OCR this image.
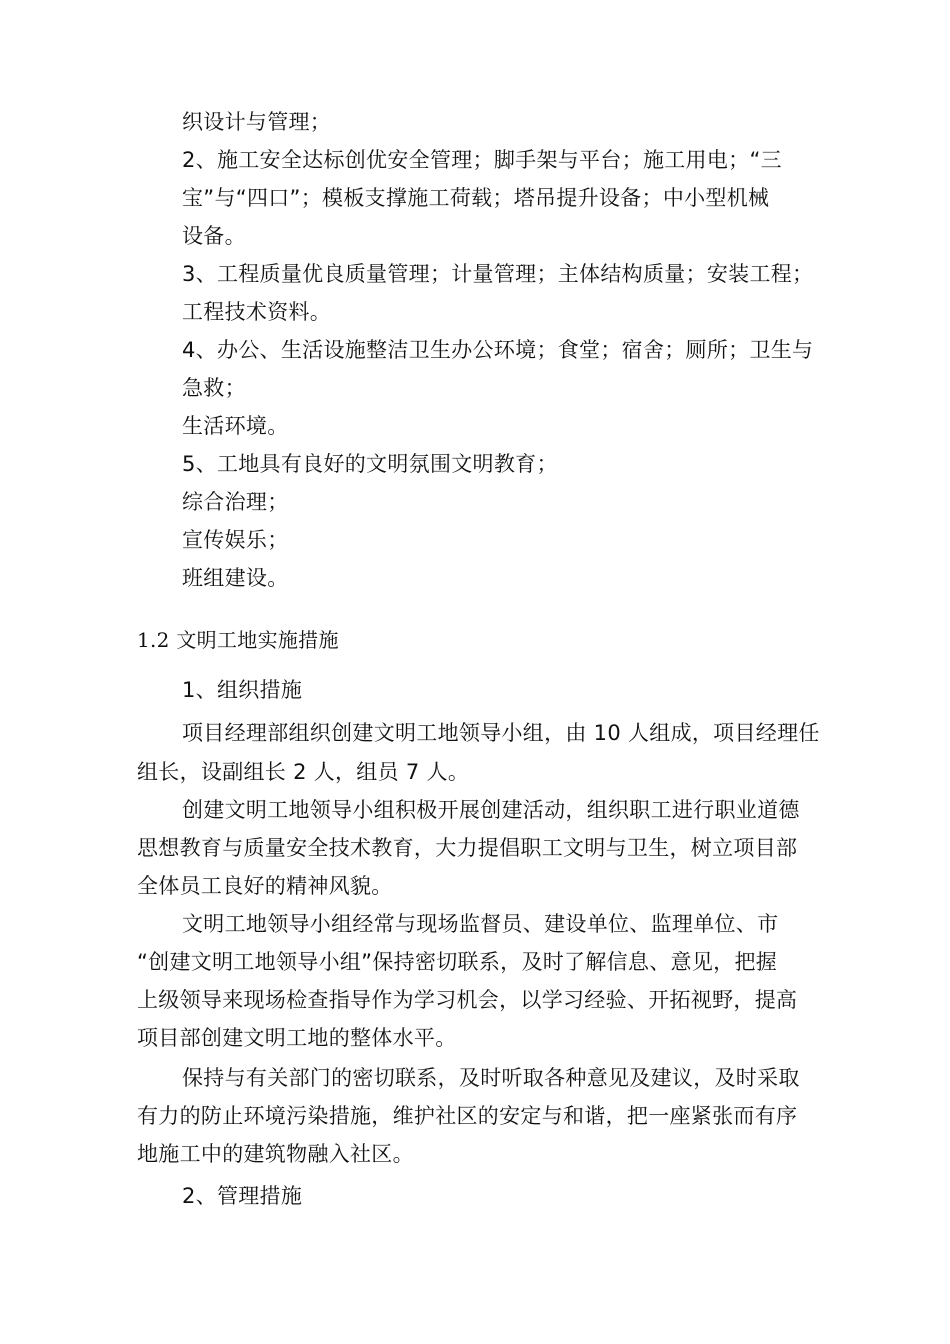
织设计与管理；
2、施工安全达标创优安全管理；脚手架与平台；施工用电；“三
宝”与“四口”；模板支撑施工荷载；塔吊提升设备；中小型机械
设备。
3、工程质量优良质量管理；计量管理；主体结构质量；安装工程；
工程技术资料。
4、办公、生活设施整洁卫生办公环境；食堂；宿舍；厕所；卫生与
急救；
生活环境。
5、工地具有良好的文明氛围文明教育；
综合治理；
宣传娱乐；
班组建设。
1.2 文明工地实施措施
1、组织措施
项目经理部组织创建文明工地领导小组，由 10 人组成，项目经理任
组长，设副组长 2 人，组员 7 人。
创建文明工地领导小组积极开展创建活动，组织职工进行职业道德
思想教育与质量安全技术教育，大力提倡职工文明与卫生，树立项目部
全体员工良好的精神风貌。
文明工地领导小组经常与现场监督员、建设单位、监理单位、市
“创建文明工地领导小组”保持密切联系，及时了解信息、意见，把握
上级领导来现场检查指导作为学习机会，以学习经验、开拓视野，提高
项目部创建文明工地的整体水平。
保持与有关部门的密切联系，及时听取各种意见及建议，及时采取
有力的防止环境污染措施，维护社区的安定与和谐，把一座紧张而有序
地施工中的建筑物融入社区。
2、管理措施
